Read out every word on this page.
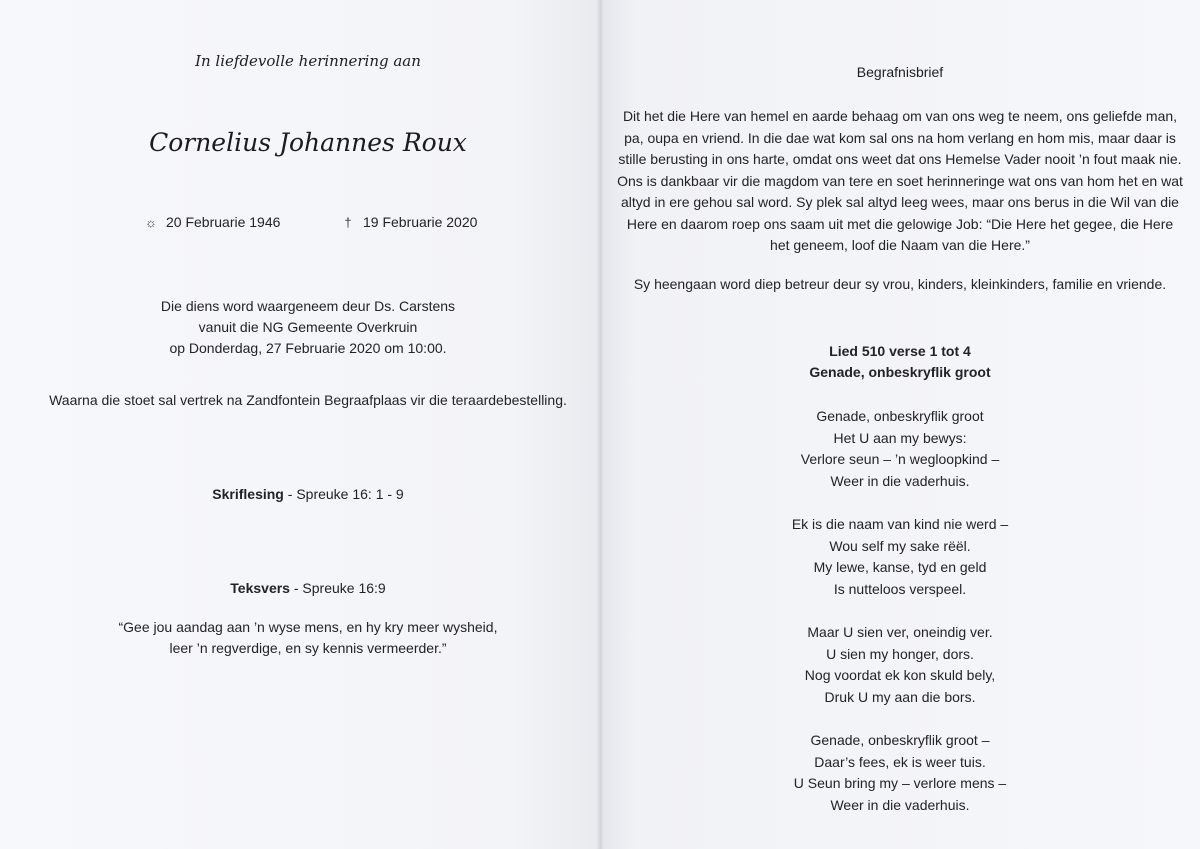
In liefdevolle herinnering aan
Cornelius Johannes Roux
☼ 20 Februarie 1946	† 19 Februarie 2020
Die diens word waargeneem deur Ds. Carstens
vanuit die NG Gemeente Overkruin
op Donderdag, 27 Februarie 2020 om 10:00.
Waarna die stoet sal vertrek na Zandfontein Begraafplaas vir die teraardebestelling.
Skriflesing - Spreuke 16: 1 - 9
Teksvers - Spreuke 16:9
“Gee jou aandag aan ’n wyse mens, en hy kry meer wysheid,
leer ’n regverdige, en sy kennis vermeerder.”
Begrafnisbrief
Dit het die Here van hemel en aarde behaag om van ons weg te neem, ons geliefde man,
pa, oupa en vriend. In die dae wat kom sal ons na hom verlang en hom mis, maar daar is
stille berusting in ons harte, omdat ons weet dat ons Hemelse Vader nooit ’n fout maak nie.
Ons is dankbaar vir die magdom van tere en soet herinneringe wat ons van hom het en wat
altyd in ere gehou sal word. Sy plek sal altyd leeg wees, maar ons berus in die Wil van die
Here en daarom roep ons saam uit met die gelowige Job: “Die Here het gegee, die Here
het geneem, loof die Naam van die Here.”
Sy heengaan word diep betreur deur sy vrou, kinders, kleinkinders, familie en vriende.
Lied 510 verse 1 tot 4
Genade, onbeskryflik groot

Genade, onbeskryflik groot

Het U aan my bewys:

Verlore seun – ’n wegloopkind –

Weer in die vaderhuis.

Ek is die naam van kind nie werd –

Wou self my sake rëël.

My lewe, kanse, tyd en geld

Is nutteloos verspeel.

Maar U sien ver, oneindig ver.

U sien my honger, dors.

Nog voordat ek kon skuld bely,

Druk U my aan die bors.

Genade, onbeskryflik groot –

Daar’s fees, ek is weer tuis.

U Seun bring my – verlore mens –

Weer in die vaderhuis.
